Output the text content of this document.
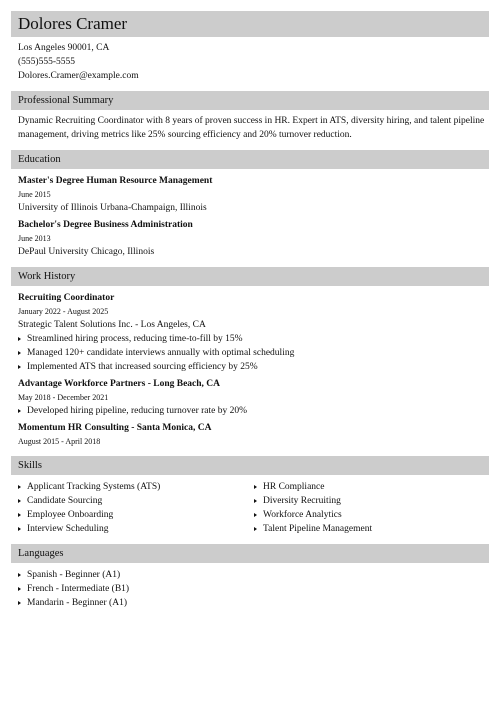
Dolores Cramer
Los Angeles 90001, CA
(555)555-5555
Dolores.Cramer@example.com
Professional Summary
Dynamic Recruiting Coordinator with 8 years of proven success in HR. Expert in ATS, diversity hiring, and talent pipeline management, driving metrics like 25% sourcing efficiency and 20% turnover reduction.
Education
Master's Degree Human Resource Management
June 2015
University of Illinois Urbana-Champaign, Illinois
Bachelor's Degree Business Administration
June 2013
DePaul University Chicago, Illinois
Work History
Recruiting Coordinator
January 2022 - August 2025
Strategic Talent Solutions Inc. - Los Angeles, CA
Streamlined hiring process, reducing time-to-fill by 15%
Managed 120+ candidate interviews annually with optimal scheduling
Implemented ATS that increased sourcing efficiency by 25%
Advantage Workforce Partners - Long Beach, CA
May 2018 - December 2021
Developed hiring pipeline, reducing turnover rate by 20%
Momentum HR Consulting - Santa Monica, CA
August 2015 - April 2018
Skills
Applicant Tracking Systems (ATS)
Candidate Sourcing
Employee Onboarding
Interview Scheduling
HR Compliance
Diversity Recruiting
Workforce Analytics
Talent Pipeline Management
Languages
Spanish - Beginner (A1)
French - Intermediate (B1)
Mandarin - Beginner (A1)
